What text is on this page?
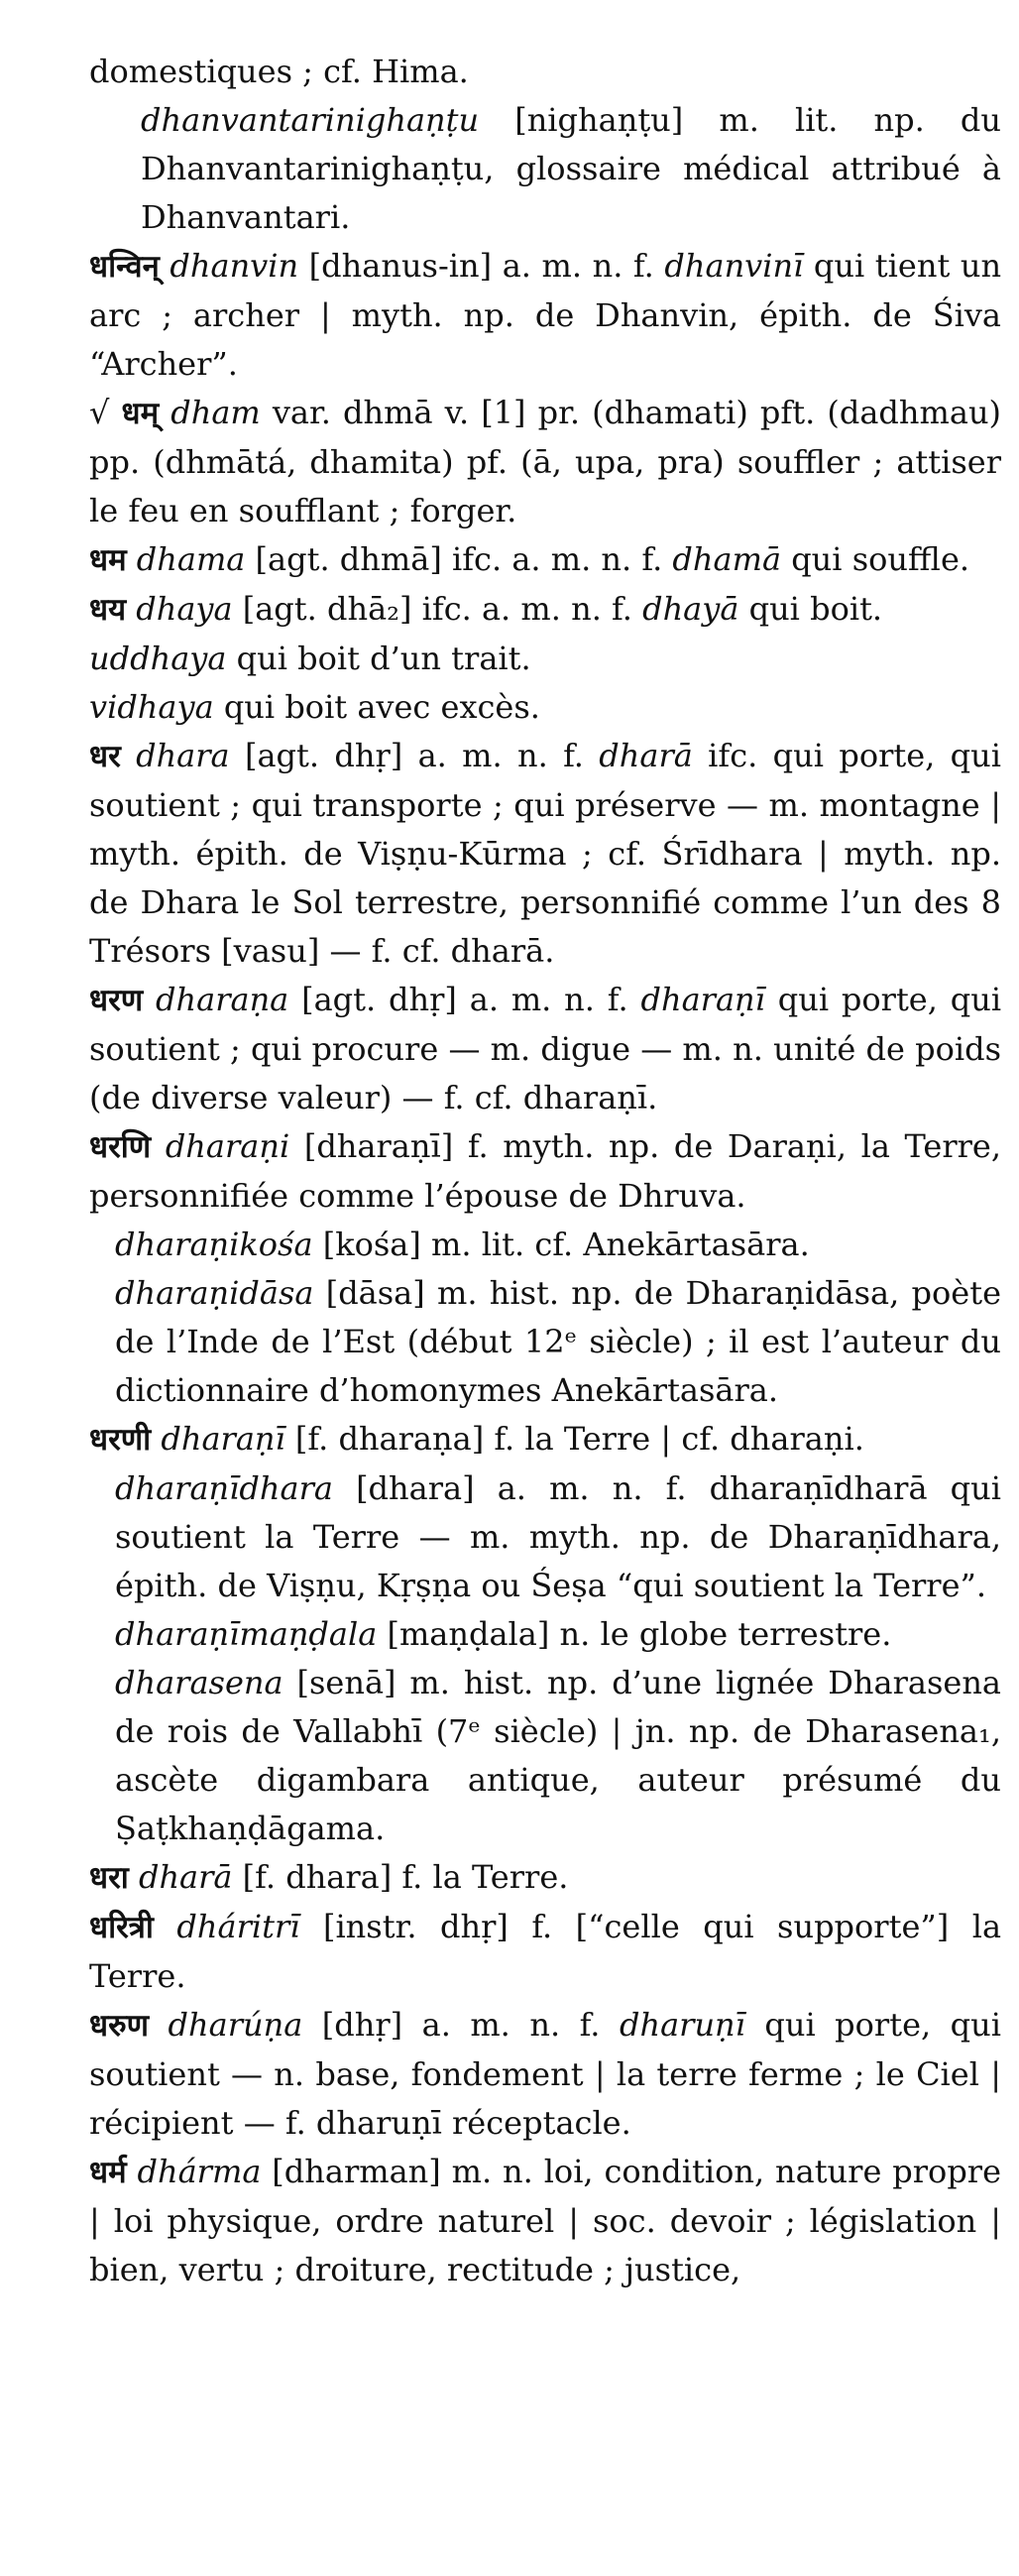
domestiques ; cf. Hima.

dhanvantarinighaṇṭu [nighaṇṭu] m. lit. np. du Dhanvantarinighaṇṭu, glossaire médical attribué à Dhanvantari.

धन्विन् dhanvin [dhanus-in] a. m. n. f. dhanvinī qui tient un arc ; archer | myth. np. de Dhanvin, épith. de Śiva “Archer”.

√ धम् dham var. dhmā v. [1] pr. (dhamati) pft. (dadhmau) pp. (dhmātá, dhamita) pf. (ā, upa, pra) souffler ; attiser le feu en soufflant ; forger.

धम dhama [agt. dhmā] ifc. a. m. n. f. dhamā qui souffle.

धय dhaya [agt. dhā₂] ifc. a. m. n. f. dhayā qui boit.

uddhaya qui boit d’un trait.

vidhaya qui boit avec excès.

धर dhara [agt. dhṛ] a. m. n. f. dharā ifc. qui porte, qui soutient ; qui transporte ; qui préserve — m. montagne | myth. épith. de Viṣṇu-Kūrma ; cf. Śrīdhara | myth. np. de Dhara le Sol terrestre, personnifié comme l’un des 8 Trésors [vasu] — f. cf. dharā.

धरण dharaṇa [agt. dhṛ] a. m. n. f. dharaṇī qui porte, qui soutient ; qui procure — m. digue — m. n. unité de poids (de diverse valeur) — f. cf. dharaṇī.

धरणि dharaṇi [dharaṇī] f. myth. np. de Daraṇi, la Terre, personnifiée comme l’épouse de Dhruva.

dharaṇikośa [kośa] m. lit. cf. Anekārtasāra.

dharaṇidāsa [dāsa] m. hist. np. de Dharaṇidāsa, poète de l’Inde de l’Est (début 12ᵉ siècle) ; il est l’auteur du dictionnaire d’homonymes Anekārtasāra.

धरणी dharaṇī [f. dharaṇa] f. la Terre | cf. dharaṇi.

dharaṇīdhara [dhara] a. m. n. f. dharaṇīdharā qui soutient la Terre — m. myth. np. de Dharaṇīdhara, épith. de Viṣṇu, Kṛṣṇa ou Śeṣa “qui soutient la Terre”.

dharaṇīmaṇḍala [maṇḍala] n. le globe terrestre.

dharasena [senā] m. hist. np. d’une lignée Dharasena de rois de Vallabhī (7ᵉ siècle) | jn. np. de Dharasena₁, ascète digambara antique, auteur présumé du Ṣaṭkhaṇḍāgama.

धरा dharā [f. dhara] f. la Terre.

धरित्री dháritrī [instr. dhṛ] f. [“celle qui supporte”] la Terre.

धरुण dharúṇa [dhṛ] a. m. n. f. dharuṇī qui porte, qui soutient — n. base, fondement | la terre ferme ; le Ciel | récipient — f. dharuṇī réceptacle.

धर्म dhárma [dharman] m. n. loi, condition, nature propre | loi physique, ordre naturel | soc. devoir ; législation | bien, vertu ; droiture, rectitude ; justice,
